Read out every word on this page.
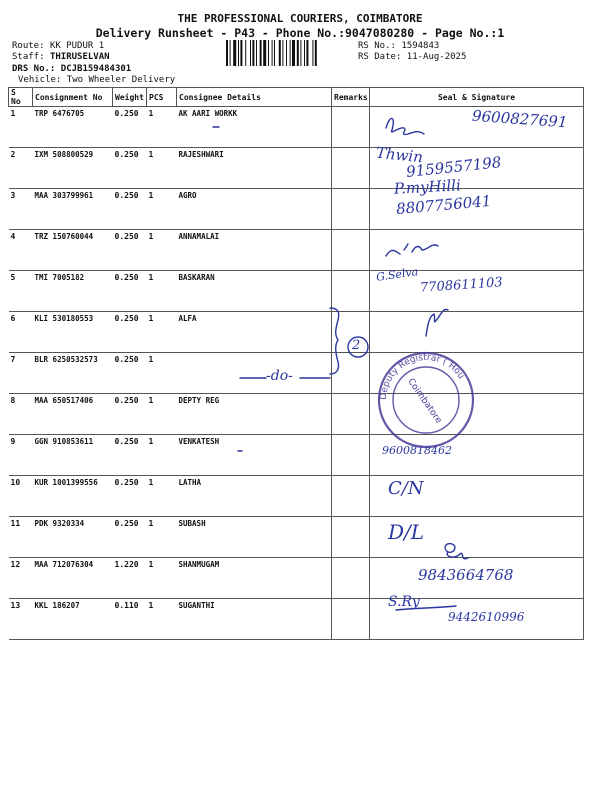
THE PROFESSIONAL COURIERS, COIMBATORE
Delivery Runsheet - P43 - Phone No.:9047080280 - Page No.:1
Route: KK PUDUR 1
Staff: THIRUSELVAN
DRS No.: DCJB159484301
Vehicle: Two Wheeler Delivery
RS No.: 1594843
RS Date: 11-Aug-2025
S No	Consignment No	Weight	PCS	Consignee Details	Remarks	Seal & Signature
1	TRP 6476705	0.250	1	AK AARI WORKK		
2	IXM 508800529	0.250	1	RAJESHWARI		
3	MAA 303799961	0.250	1	AGRO		
4	TRZ 150760044	0.250	1	ANNAMALAI		
5	TMI 7005182	0.250	1	BASKARAN		
6	KLI 530180553	0.250	1	ALFA		
7	BLR 6250532573	0.250	1			
8	MAA 650517406	0.250	1	DEPTY REG		
9	GGN 910853611	0.250	1	VENKATESH		
10	KUR 1001399556	0.250	1	LATHA		
11	PDK 9320334	0.250	1	SUBASH		
12	MAA 712076304	1.220	1	SHANMUGAM		
13	KKL 186207	0.110	1	SUGANTHI		
Deputy Registrar ( Hou
Coimbatore
9600827691
Thwin
9159557198
P.myHilli
8807756041
G.Selva
7708611103
-do-
2
9600818462
C/N
D/L
9843664768
S.Ry
9442610996
